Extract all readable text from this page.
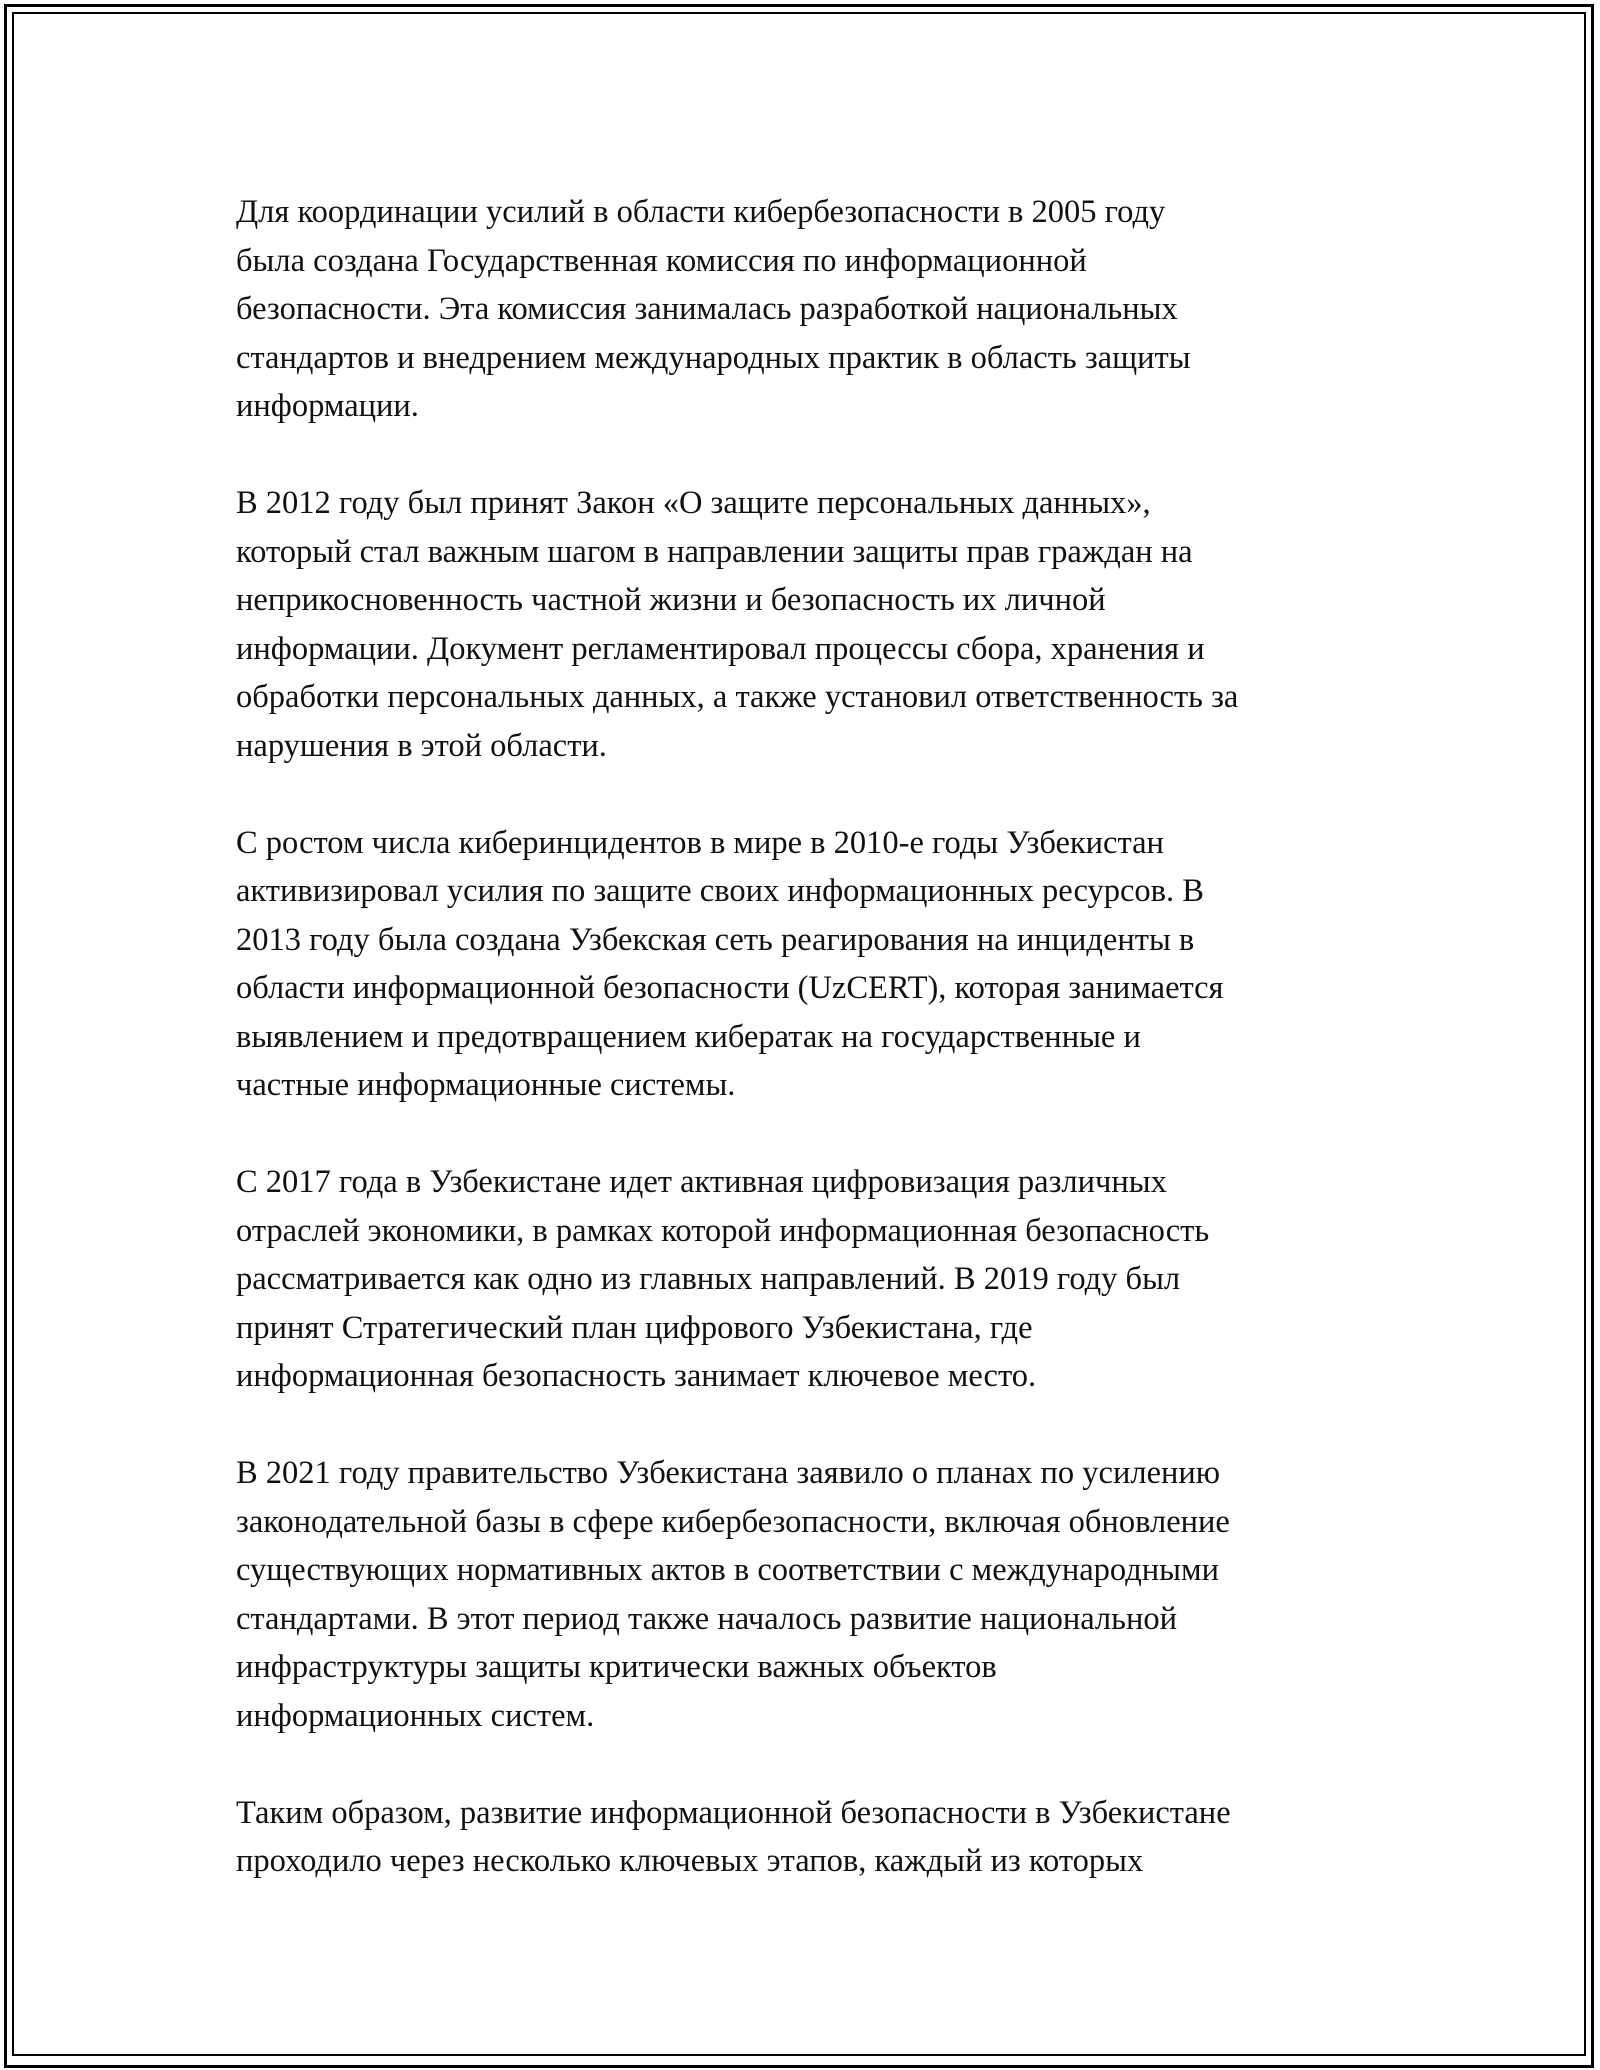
Для координации усилий в области кибербезопасности в 2005 году
была создана Государственная комиссия по информационной
безопасности. Эта комиссия занималась разработкой национальных
стандартов и внедрением международных практик в область защиты
информации.

В 2012 году был принят Закон «О защите персональных данных»,
который стал важным шагом в направлении защиты прав граждан на
неприкосновенность частной жизни и безопасность их личной
информации. Документ регламентировал процессы сбора, хранения и
обработки персональных данных, а также установил ответственность за
нарушения в этой области.

С ростом числа киберинцидентов в мире в 2010-е годы Узбекистан
активизировал усилия по защите своих информационных ресурсов. В
2013 году была создана Узбекская сеть реагирования на инциденты в
области информационной безопасности (UzCERT), которая занимается
выявлением и предотвращением кибератак на государственные и
частные информационные системы.

С 2017 года в Узбекистане идет активная цифровизация различных
отраслей экономики, в рамках которой информационная безопасность
рассматривается как одно из главных направлений. В 2019 году был
принят Стратегический план цифрового Узбекистана, где
информационная безопасность занимает ключевое место.

В 2021 году правительство Узбекистана заявило о планах по усилению
законодательной базы в сфере кибербезопасности, включая обновление
существующих нормативных актов в соответствии с международными
стандартами. В этот период также началось развитие национальной
инфраструктуры защиты критически важных объектов
информационных систем.

Таким образом, развитие информационной безопасности в Узбекистане
проходило через несколько ключевых этапов, каждый из которых
